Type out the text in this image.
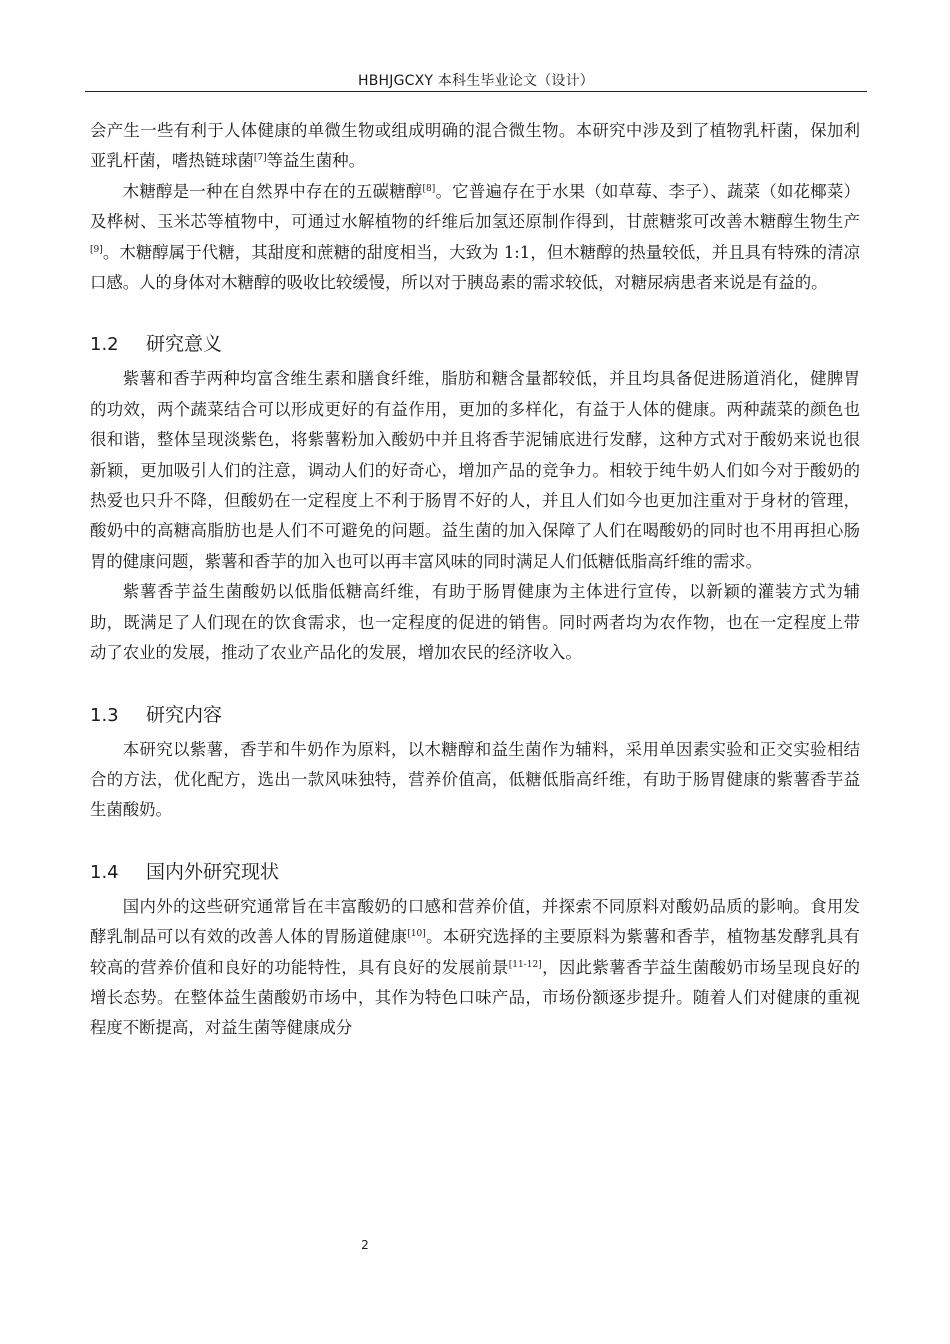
HBHJGCXY 本科生毕业论文（设计）

会产生一些有利于人体健康的单微生物或组成明确的混合微生物。本研究中涉及到了植物乳杆菌，保加利亚乳杆菌，嗜热链球菌[7]等益生菌种。

木糖醇是一种在自然界中存在的五碳糖醇[8]。它普遍存在于水果（如草莓、李子）、蔬菜（如花椰菜）及桦树、玉米芯等植物中，可通过水解植物的纤维后加氢还原制作得到，甘蔗糖浆可改善木糖醇生物生产[9]。木糖醇属于代糖，其甜度和蔗糖的甜度相当，大致为 1:1，但木糖醇的热量较低，并且具有特殊的清凉口感。人的身体对木糖醇的吸收比较缓慢，所以对于胰岛素的需求较低，对糖尿病患者来说是有益的。

1.2 研究意义

紫薯和香芋两种均富含维生素和膳食纤维，脂肪和糖含量都较低，并且均具备促进肠道消化，健脾胃的功效，两个蔬菜结合可以形成更好的有益作用，更加的多样化，有益于人体的健康。两种蔬菜的颜色也很和谐，整体呈现淡紫色，将紫薯粉加入酸奶中并且将香芋泥铺底进行发酵，这种方式对于酸奶来说也很新颖，更加吸引人们的注意，调动人们的好奇心，增加产品的竞争力。相较于纯牛奶人们如今对于酸奶的热爱也只升不降，但酸奶在一定程度上不利于肠胃不好的人，并且人们如今也更加注重对于身材的管理，酸奶中的高糖高脂肪也是人们不可避免的问题。益生菌的加入保障了人们在喝酸奶的同时也不用再担心肠胃的健康问题，紫薯和香芋的加入也可以再丰富风味的同时满足人们低糖低脂高纤维的需求。

紫薯香芋益生菌酸奶以低脂低糖高纤维，有助于肠胃健康为主体进行宣传，以新颖的灌装方式为辅助，既满足了人们现在的饮食需求，也一定程度的促进的销售。同时两者均为农作物，也在一定程度上带动了农业的发展，推动了农业产品化的发展，增加农民的经济收入。

1.3 研究内容

本研究以紫薯，香芋和牛奶作为原料，以木糖醇和益生菌作为辅料，采用单因素实验和正交实验相结合的方法，优化配方，选出一款风味独特，营养价值高，低糖低脂高纤维，有助于肠胃健康的紫薯香芋益生菌酸奶。

1.4 国内外研究现状

国内外的这些研究通常旨在丰富酸奶的口感和营养价值，并探索不同原料对酸奶品质的影响。食用发酵乳制品可以有效的改善人体的胃肠道健康[10]。本研究选择的主要原料为紫薯和香芋，植物基发酵乳具有较高的营养价值和良好的功能特性，具有良好的发展前景[11-12]，因此紫薯香芋益生菌酸奶市场呈现良好的增长态势。在整体益生菌酸奶市场中，其作为特色口味产品，市场份额逐步提升。随着人们对健康的重视程度不断提高，对益生菌等健康成分

2
